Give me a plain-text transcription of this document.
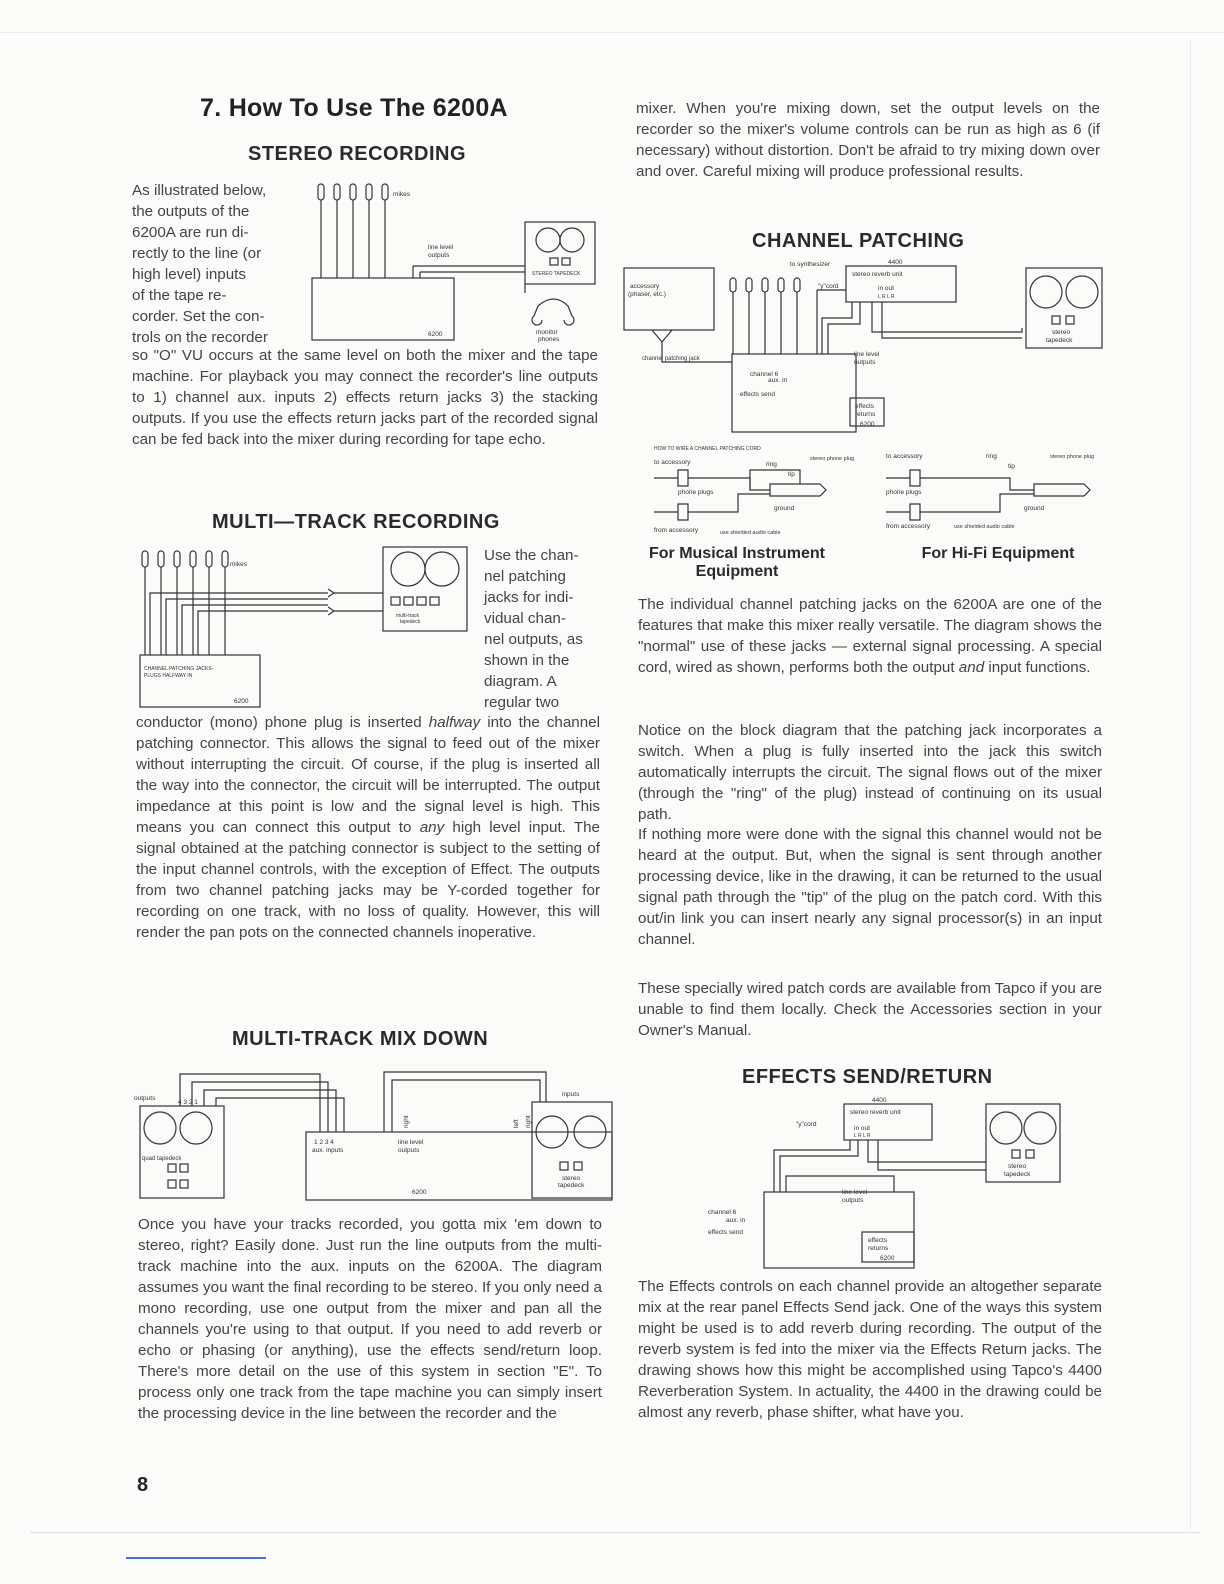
7. How To Use The 6200A
STEREO RECORDING
As illustrated below,
the outputs of the
6200A are run di-
rectly to the line (or
high level) inputs
of the tape re-
corder. Set the con-
trols on the recorder
mikes
line level
outputs
STEREO TAPEDECK
6200	monitor
phones

so "O" VU occurs at the same level on both the mixer and the tape machine. For playback you may connect the recorder's line outputs to 1) channel aux. inputs 2) effects return jacks 3) the stacking outputs. If you use the effects return jacks part of the recorded signal can be fed back into the mixer during recording for tape echo.

MULTI—TRACK RECORDING
mikes
multi-track
tapedeck
CHANNEL PATCHING JACKS-
PLUGS HALFWAY IN
6200
Use the chan-
nel patching
jacks for indi-
vidual chan-
nel outputs, as
shown in the
diagram. A
regular two

conductor (mono) phone plug is inserted halfway into the channel patching connector. This allows the signal to feed out of the mixer without interrupting the circuit. Of course, if the plug is inserted all the way into the connector, the circuit will be interrupted. The output impedance at this point is low and the signal level is high. This means you can connect this output to any high level input. The signal obtained at the patching connector is subject to the setting of the input channel controls, with the exception of Effect. The outputs from two channel patching jacks may be Y-corded together for recording on one track, with no loss of quality. However, this will render the pan pots on the connected channels inoperative.

MULTI-TRACK MIX DOWN
outputs
4 3 2 1
quad tapedeck
1 2 3 4
aux. inputs
line level
outputs
right	left right
inputs
stereo
tapedeck
6200

Once you have your tracks recorded, you gotta mix 'em down to stereo, right? Easily done. Just run the line outputs from the multi-track machine into the aux. inputs on the 6200A. The diagram assumes you want the final recording to be stereo. If you only need a mono recording, use one output from the mixer and pan all the channels you're using to that output. If you need to add reverb or echo or phasing (or anything), use the effects send/return loop. There's more detail on the use of this system in section "E". To process only one track from the tape machine you can simply insert the processing device in the line between the recorder and the

8

mixer. When you're mixing down, set the output levels on the recorder so the mixer's volume controls can be run as high as 6 (if necessary) without distortion. Don't be afraid to try mixing down over and over. Careful mixing will produce professional results.

CHANNEL PATCHING
to synthesizer	4400
stereo reverb unit
"y"cord	in out
L R L R
accessory
(phaser, etc.)
channel patching jack
channel 6
aux. in
effects send
line level
outputs
effects
returns
6200
stereo
tapedeck
HOW TO WIRE A CHANNEL PATCHING CORD
to accessory	ring
tip
stereo phone plug
phone plugs
ground
from accessory	use shielded audio cable
to accessory	ring
tip
stereo phone plug
phone plugs
ground
from accessory	use shielded audio cable
For Musical Instrument
Equipment
For Hi-Fi Equipment

The individual channel patching jacks on the 6200A are one of the features that make this mixer really versatile. The diagram shows the "normal" use of these jacks — external signal processing. A special cord, wired as shown, performs both the output and input functions.

Notice on the block diagram that the patching jack incorporates a switch. When a plug is fully inserted into the jack this switch automatically interrupts the circuit. The signal flows out of the mixer (through the "ring" of the plug) instead of continuing on its usual path.

If nothing more were done with the signal this channel would not be heard at the output. But, when the signal is sent through another processing device, like in the drawing, it can be returned to the usual signal path through the "tip" of the plug on the patch cord. With this out/in link you can insert nearly any signal processor(s) in an input channel.

These specially wired patch cords are available from Tapco if you are unable to find them locally. Check the Accessories section in your Owner's Manual.

EFFECTS SEND/RETURN
4400
stereo reverb unit
"y"cord
in out
L R L R
stereo
tapedeck
line level
outputs
channel 6
aux. in
effects send
effects
returns
6200

The Effects controls on each channel provide an altogether separate mix at the rear panel Effects Send jack. One of the ways this system might be used is to add reverb during recording. The output of the reverb system is fed into the mixer via the Effects Return jacks. The drawing shows how this might be accomplished using Tapco's 4400 Reverberation System. In actuality, the 4400 in the drawing could be almost any reverb, phase shifter, what have you.
